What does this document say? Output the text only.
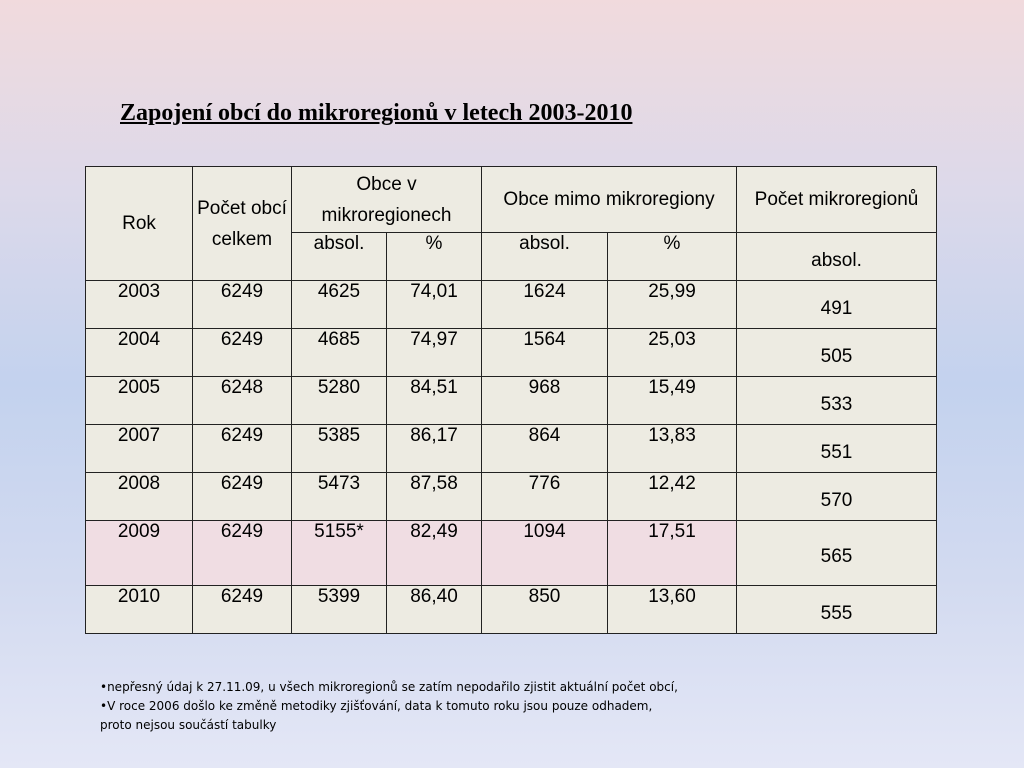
Zapojení obcí do mikroregionů v letech 2003-2010
Rok	Počet obcí celkem	Obce v mikroregionech		Obce mimo mikroregiony		Počet mikroregionů
		absol.	%	absol.	%	absol.
2003	6249	4625	74,01	1624	25,99	491
2004	6249	4685	74,97	1564	25,03	505
2005	6248	5280	84,51	968	15,49	533
2007	6249	5385	86,17	864	13,83	551
2008	6249	5473	87,58	776	12,42	570
2009	6249	5155*	82,49	1094	17,51	565
2010	6249	5399	86,40	850	13,60	555
•nepřesný údaj k 27.11.09, u všech mikroregionů se zatím nepodařilo zjistit aktuální počet obcí,
•V roce 2006 došlo ke změně metodiky zjišťování, data k tomuto roku jsou pouze odhadem,
proto nejsou součástí tabulky
